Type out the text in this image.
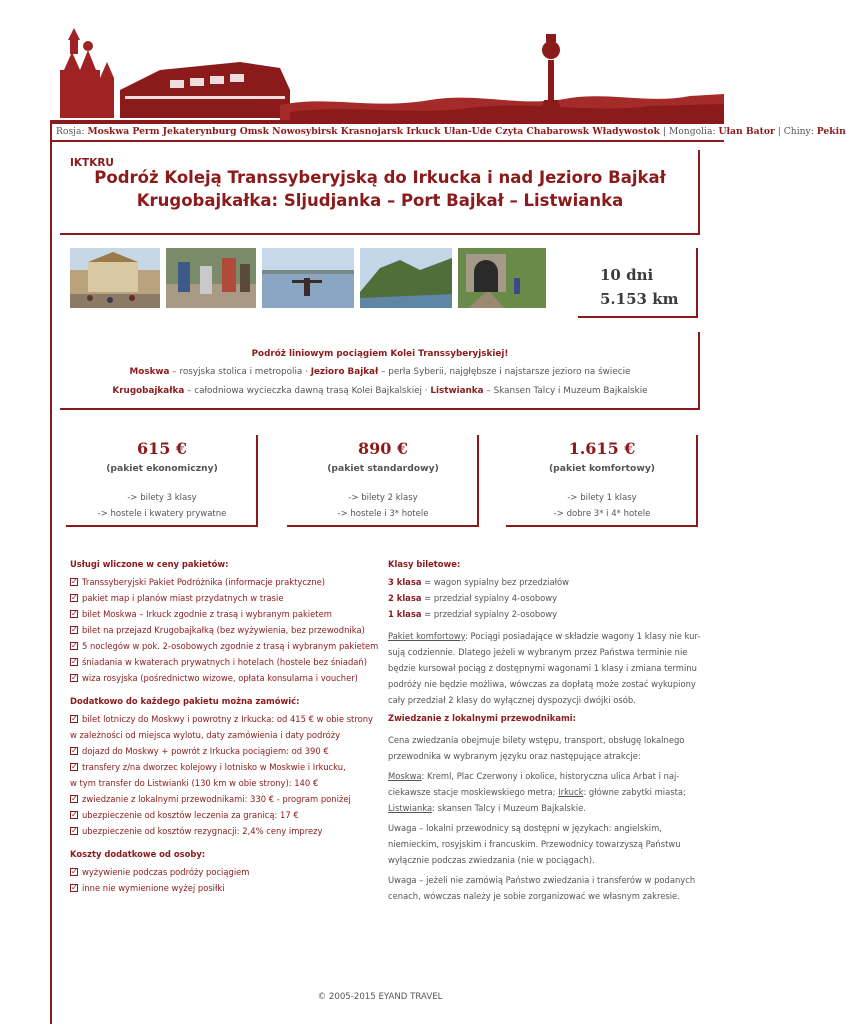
Rosja: Moskwa Perm Jekaterynburg Omsk Nowosybirsk Krasnojarsk Irkuck Ułan-Ude Czyta Chabarowsk Władywostok | Mongolia: Ułan Bator | Chiny: Pekin
IKTKRU
Podróż Koleją Transsyberyjską do Irkucka i nad Jezioro Bajkał
Krugobajkałka: Sljudjanka – Port Bajkał – Listwianka
10 dni
5.153 km
Podróż liniowym pociągiem Kolei Transsyberyjskiej!
Moskwa – rosyjska stolica i metropolia · Jezioro Bajkał – perła Syberii, najgłębsze i najstarsze jezioro na świecie
Krugobajkałka – całodniowa wycieczka dawną trasą Kolei Bajkalskiej · Listwianka – Skansen Talcy i Muzeum Bajkalskie
615 €
(pakiet ekonomiczny)
-> bilety 3 klasy
-> hostele i kwatery prywatne
890 €
(pakiet standardowy)
-> bilety 2 klasy
-> hostele i 3* hotele
1.615 €
(pakiet komfortowy)
-> bilety 1 klasy
-> dobre 3* i 4* hotele
Usługi wliczone w ceny pakietów:
✓Transsyberyjski Pakiet Podróżnika (informacje praktyczne)
✓pakiet map i planów miast przydatnych w trasie
✓bilet Moskwa – Irkuck zgodnie z trasą i wybranym pakietem
✓bilet na przejazd Krugobajkałką (bez wyżywienia, bez przewodnika)
✓5 noclegów w pok. 2-osobowych zgodnie z trasą i wybranym pakietem
✓śniadania w kwaterach prywatnych i hotelach (hostele bez śniadań)
✓wiza rosyjska (pośrednictwo wizowe, opłata konsularna i voucher)
Dodatkowo do każdego pakietu można zamówić:
✓bilet lotniczy do Moskwy i powrotny z Irkucka: od 415 € w obie strony
w zależności od miejsca wylotu, daty zamówienia i daty podróży
✓dojazd do Moskwy + powrót z Irkucka pociągiem: od 390 €
✓transfery z/na dworzec kolejowy i lotnisko w Moskwie i Irkucku,
w tym transfer do Listwianki (130 km w obie strony): 140 €
✓zwiedzanie z lokalnymi przewodnikami: 330 € - program poniżej
✓ubezpieczenie od kosztów leczenia za granicą: 17 €
✓ubezpieczenie od kosztów rezygnacji: 2,4% ceny imprezy
Koszty dodatkowe od osoby:
✓wyżywienie podczas podróży pociągiem
✓inne nie wymienione wyżej posiłki
Klasy biletowe:

3 klasa = wagon sypialny bez przedziałów

2 klasa = przedział sypialny 4-osobowy

1 klasa = przedział sypialny 2-osobowy

Pakiet komfortowy: Pociągi posiadające w składzie wagony 1 klasy nie kur-

sują codziennie. Dlatego jeżeli w wybranym przez Państwa terminie nie

będzie kursował pociąg z dostępnymi wagonami 1 klasy i zmiana terminu

podróży nie będzie możliwa, wówczas za dopłatą może zostać wykupiony

cały przedział 2 klasy do wyłącznej dyspozycji dwójki osób.

Zwiedzanie z lokalnymi przewodnikami:

Cena zwiedzania obejmuje bilety wstępu, transport, obsługę lokalnego

przewodnika w wybranym języku oraz następujące atrakcje:

Moskwa: Kreml, Plac Czerwony i okolice, historyczna ulica Arbat i naj-

ciekawsze stacje moskiewskiego metra; Irkuck: główne zabytki miasta;

Listwianka: skansen Talcy i Muzeum Bajkalskie.

Uwaga – lokalni przewodnicy są dostępni w językach: angielskim,

niemieckim, rosyjskim i francuskim. Przewodnicy towarzyszą Państwu

wyłącznie podczas zwiedzania (nie w pociągach).

Uwaga – jeżeli nie zamówią Państwo zwiedzania i transferów w podanych

cenach, wówczas należy je sobie zorganizować we własnym zakresie.

© 2005-2015 EYAND TRAVEL
